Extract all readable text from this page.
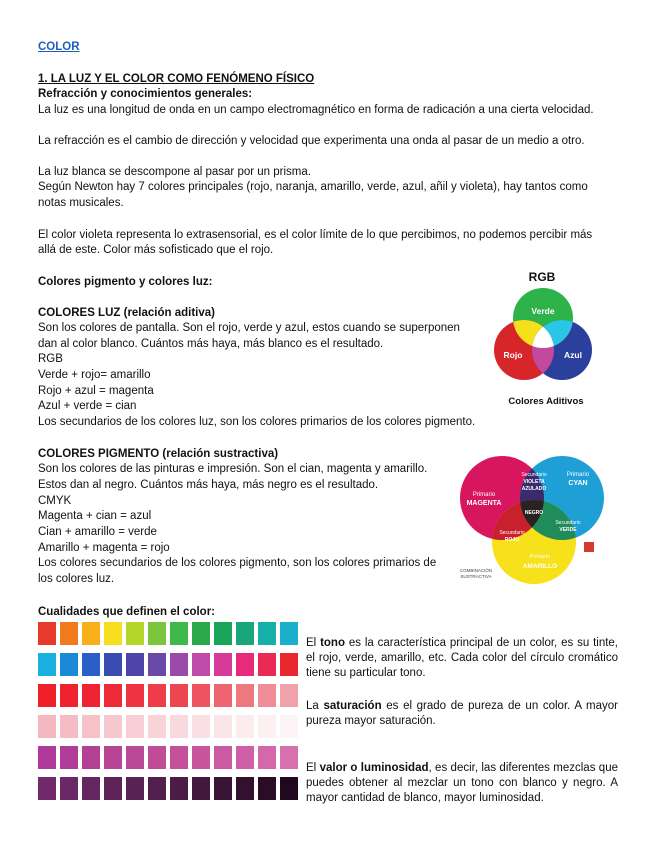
COLOR
1. LA LUZ Y EL COLOR COMO FENÓMENO FÍSICO
Refracción y conocimientos generales:
La luz es una longitud de onda en un campo electromagnético en forma de radicación a una cierta velocidad.
La refracción es el cambio de dirección y velocidad que experimenta una onda al pasar de un medio a otro.
La luz blanca se descompone al pasar por un prisma.
Según Newton hay 7 colores principales (rojo, naranja, amarillo, verde, azul, añil y violeta), hay tantos como
notas musicales.
El color violeta representa lo extrasensorial, es el color límite de lo que percibimos, no podemos percibir más
allá de este. Color más sofisticado que el rojo.
Colores pigmento y colores luz:
COLORES LUZ (relación aditiva)
Son los colores de pantalla. Son el rojo, verde y azul, estos cuando se superponen
dan al color blanco. Cuántos más haya, más blanco es el resultado.
RGB
Verde + rojo= amarillo
Rojo + azul = magenta
Azul + verde = cian
Los secundarios de los colores luz, son los colores primarios de los colores pigmento.
RGB
Verde
Rojo	Azul
Colores Aditivos
COLORES PIGMENTO (relación sustractiva)
Son los colores de las pinturas e impresión. Son el cian, magenta y amarillo.
Estos dan al negro. Cuántos más haya, más negro es el resultado.
CMYK
Magenta + cian = azul
Cian + amarillo = verde
Amarillo + magenta = rojo
Los colores secundarios de los colores pigmento, son los colores primarios de
los colores luz.
Primario
MAGENTA
Primario
CYAN
Secundario
VIOLETA
AZULADO
NEGRO
Secundario
ROJO
Secundario
VERDE
Primario
AMARILLO
COMBINACIÓN
SUSTRACTIVA
Cualidades que definen el color:
El tono es la característica principal de un color, es su tinte, el rojo, verde, amarillo, etc. Cada color del círculo cromático tiene su particular tono.
La saturación es el grado de pureza de un color. A mayor pureza mayor saturación.
El valor o luminosidad, es decir, las diferentes mezclas que puedes obtener al mezclar un tono con blanco y negro. A mayor cantidad de blanco, mayor luminosidad.
